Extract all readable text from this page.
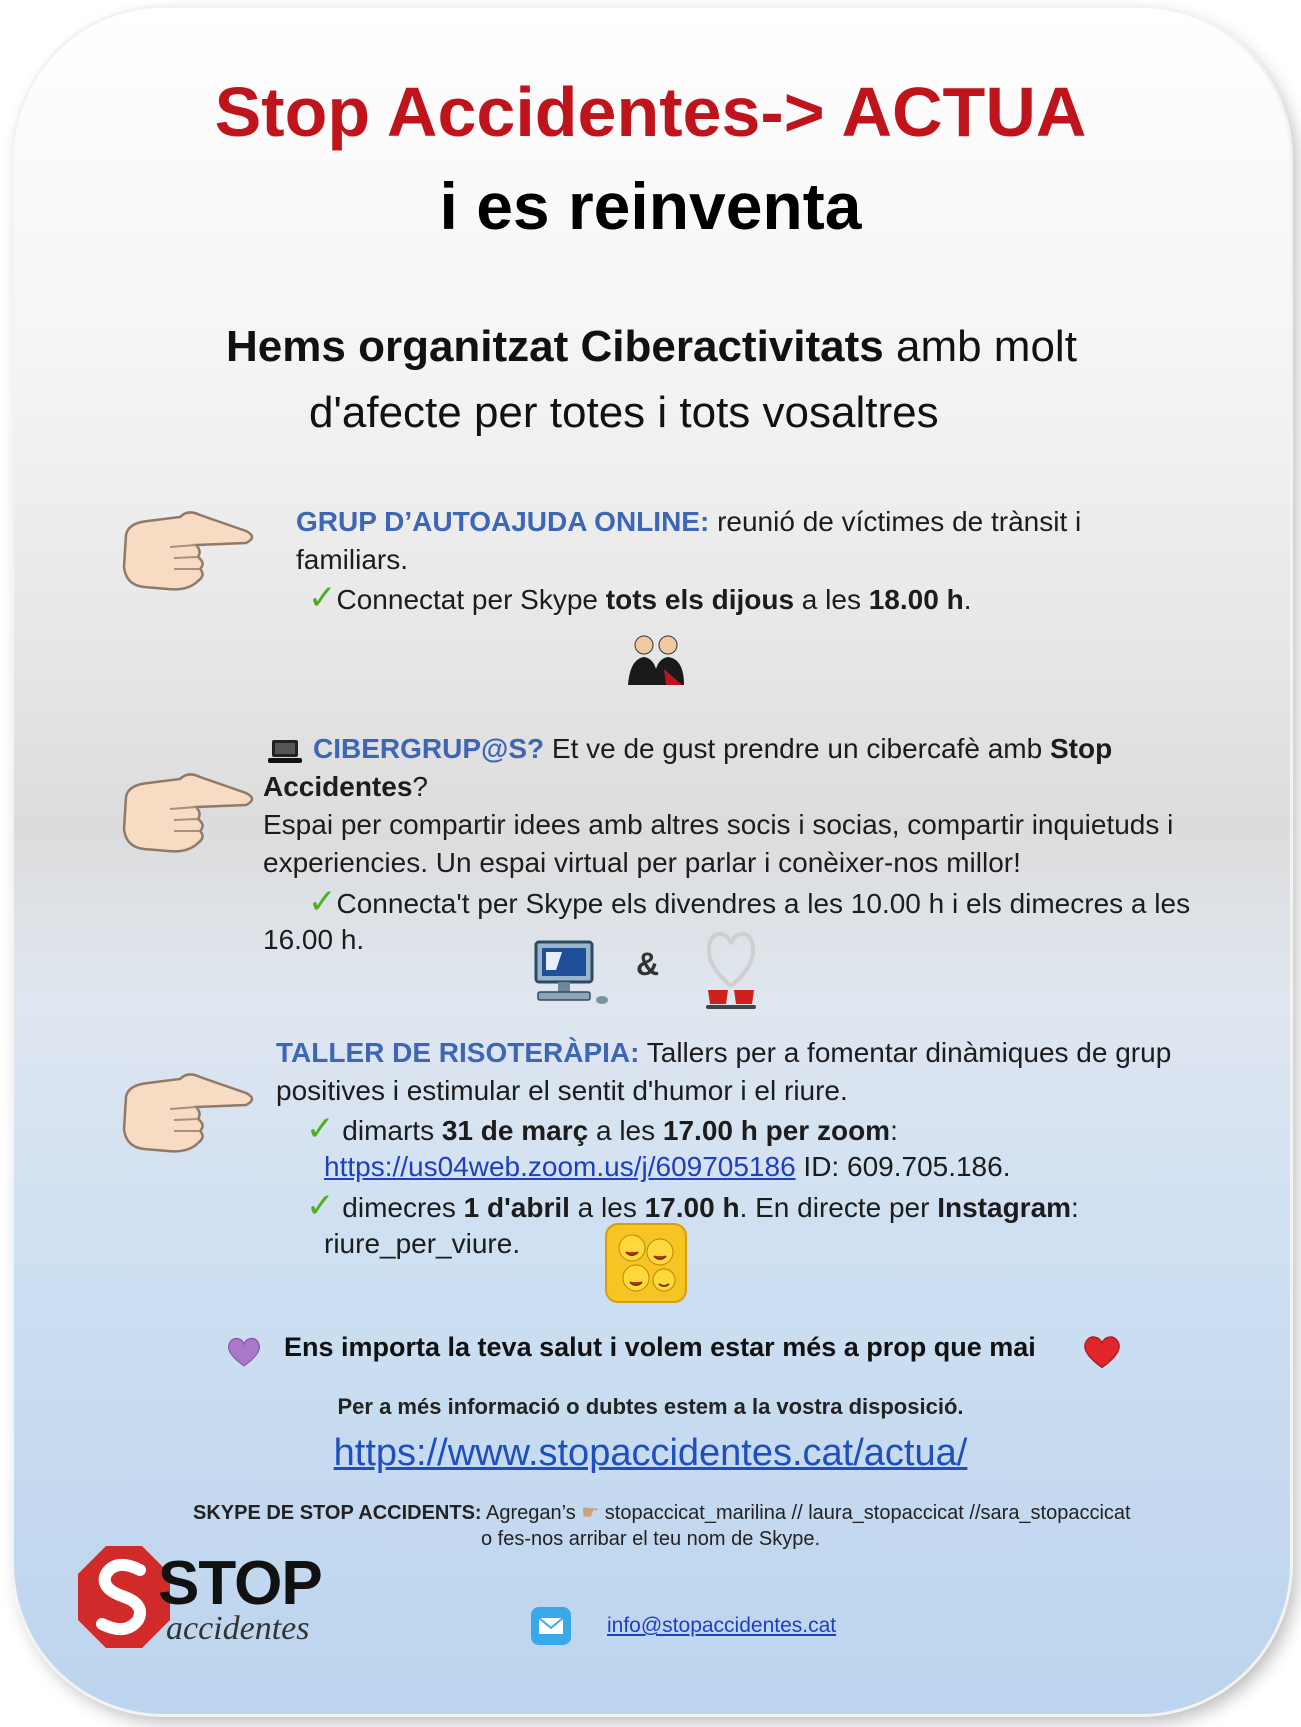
Stop Accidentes-> ACTUA
i es reinventa
Hems organitzat Ciberactivitats amb molt
d'afecte per totes i tots vosaltres
GRUP D’AUTOAJUDA ONLINE: reunió de víctimes de trànsit i
familiars.
✓Connectat per Skype tots els dijous a les 18.00 h.
CIBERGRUP@S? Et ve de gust prendre un cibercafè amb Stop
Accidentes?
Espai per compartir idees amb altres socis i socias, compartir inquietuds i
experiencies. Un espai virtual per parlar i conèixer-nos millor!
✓Connecta't per Skype els divendres a les 10.00 h i els dimecres a les
16.00 h.
&
TALLER DE RISOTERÀPIA: Tallers per a fomentar dinàmiques de grup
positives i estimular el sentit d'humor i el riure.
✓ dimarts 31 de març a les 17.00 h per zoom:
https://us04web.zoom.us/j/609705186 ID: 609.705.186.
✓ dimecres 1 d'abril a les 17.00 h. En directe per Instagram:
riure_per_viure.
Ens importa la teva salut i volem estar més a prop que mai
Per a més informació o dubtes estem a la vostra disposició.
https://www.stopaccidentes.cat/actua/
SKYPE DE STOP ACCIDENTS: Agregan’s ☛ stopaccicat_marilina // laura_stopaccicat //sara_stopaccicat
o fes-nos arribar el teu nom de Skype.
STOP
accidentes	info@stopaccidentes.cat
